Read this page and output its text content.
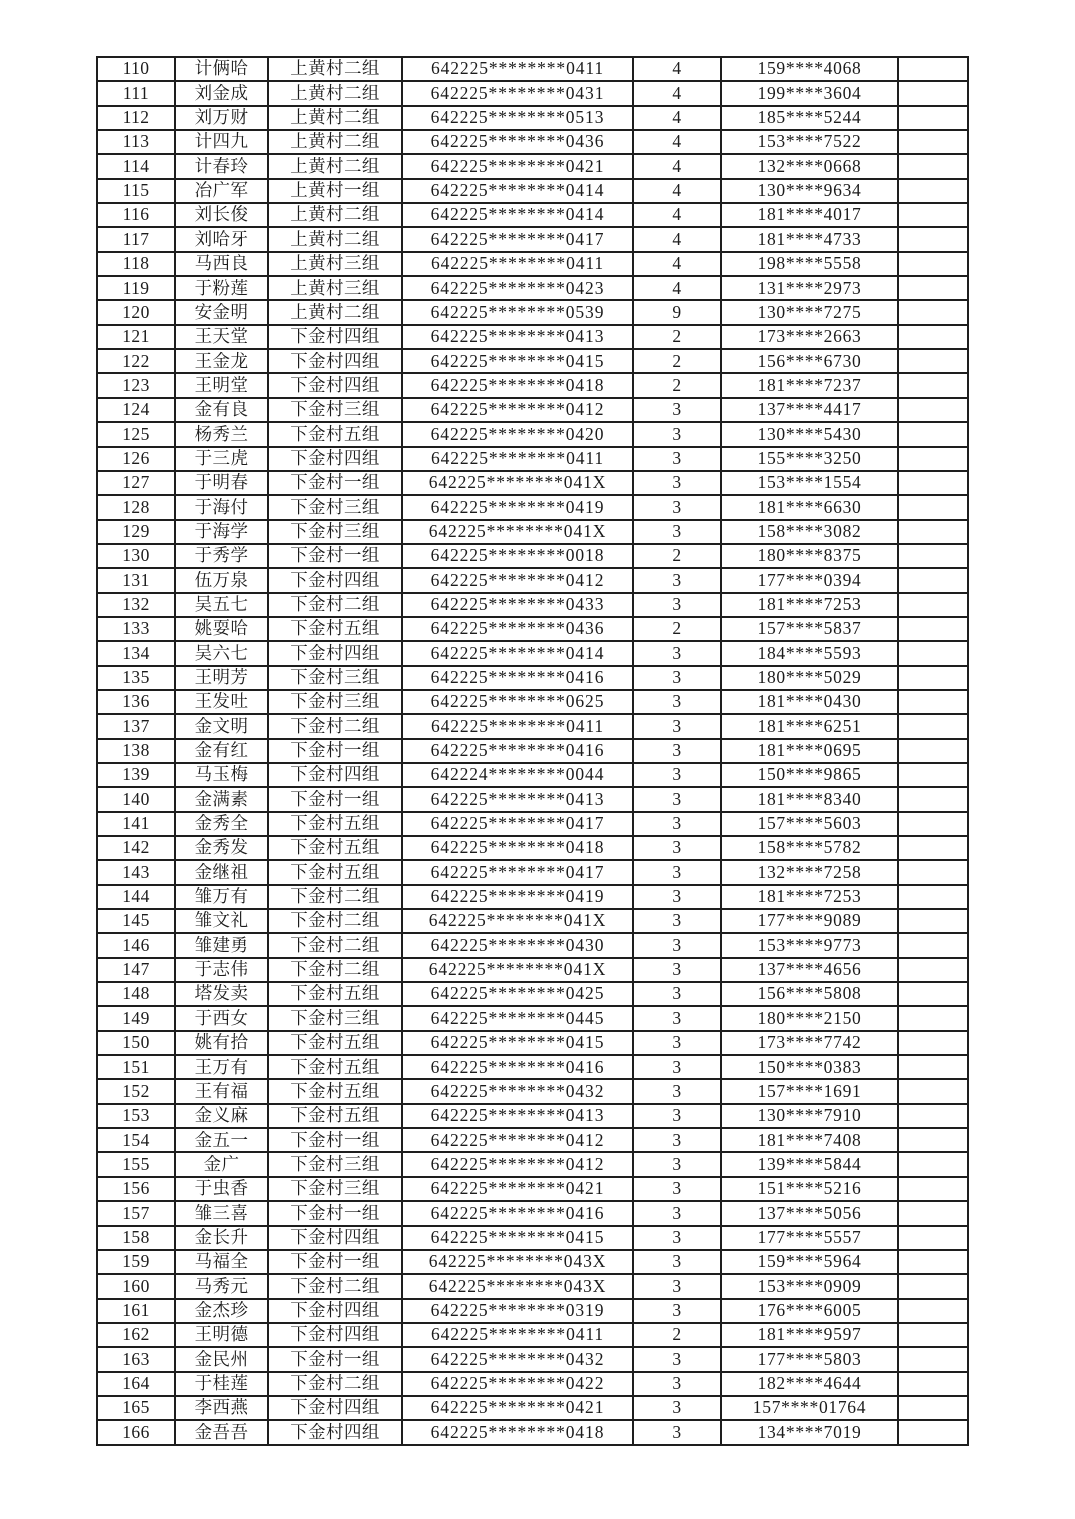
110	计俩哈	上黄村二组	642225********0411	4	159****4068	
111	刘金成	上黄村二组	642225********0431	4	199****3604	
112	刘万财	上黄村二组	642225********0513	4	185****5244	
113	计四九	上黄村二组	642225********0436	4	153****7522	
114	计春玲	上黄村二组	642225********0421	4	132****0668	
115	冶广军	上黄村一组	642225********0414	4	130****9634	
116	刘长俊	上黄村二组	642225********0414	4	181****4017	
117	刘哈牙	上黄村二组	642225********0417	4	181****4733	
118	马西良	上黄村三组	642225********0411	4	198****5558	
119	于粉莲	上黄村三组	642225********0423	4	131****2973	
120	安金明	上黄村二组	642225********0539	9	130****7275	
121	王天堂	下金村四组	642225********0413	2	173****2663	
122	王金龙	下金村四组	642225********0415	2	156****6730	
123	王明堂	下金村四组	642225********0418	2	181****7237	
124	金有良	下金村三组	642225********0412	3	137****4417	
125	杨秀兰	下金村五组	642225********0420	3	130****5430	
126	于三虎	下金村四组	642225********0411	3	155****3250	
127	于明春	下金村一组	642225********041X	3	153****1554	
128	于海付	下金村三组	642225********0419	3	181****6630	
129	于海学	下金村三组	642225********041X	3	158****3082	
130	于秀学	下金村一组	642225********0018	2	180****8375	
131	伍万泉	下金村四组	642225********0412	3	177****0394	
132	吴五七	下金村二组	642225********0433	3	181****7253	
133	姚耍哈	下金村五组	642225********0436	2	157****5837	
134	吴六七	下金村四组	642225********0414	3	184****5593	
135	王明芳	下金村三组	642225********0416	3	180****5029	
136	王发吐	下金村三组	642225********0625	3	181****0430	
137	金文明	下金村二组	642225********0411	3	181****6251	
138	金有红	下金村一组	642225********0416	3	181****0695	
139	马玉梅	下金村四组	642224********0044	3	150****9865	
140	金满素	下金村一组	642225********0413	3	181****8340	
141	金秀全	下金村五组	642225********0417	3	157****5603	
142	金秀发	下金村五组	642225********0418	3	158****5782	
143	金继祖	下金村五组	642225********0417	3	132****7258	
144	雏万有	下金村二组	642225********0419	3	181****7253	
145	雏文礼	下金村二组	642225********041X	3	177****9089	
146	雏建勇	下金村二组	642225********0430	3	153****9773	
147	于志伟	下金村二组	642225********041X	3	137****4656	
148	塔发卖	下金村五组	642225********0425	3	156****5808	
149	于西女	下金村三组	642225********0445	3	180****2150	
150	姚有拾	下金村五组	642225********0415	3	173****7742	
151	王万有	下金村五组	642225********0416	3	150****0383	
152	王有福	下金村五组	642225********0432	3	157****1691	
153	金义麻	下金村五组	642225********0413	3	130****7910	
154	金五一	下金村一组	642225********0412	3	181****7408	
155	金广	下金村三组	642225********0412	3	139****5844	
156	于虫香	下金村三组	642225********0421	3	151****5216	
157	雏三喜	下金村一组	642225********0416	3	137****5056	
158	金长升	下金村四组	642225********0415	3	177****5557	
159	马福全	下金村一组	642225********043X	3	159****5964	
160	马秀元	下金村二组	642225********043X	3	153****0909	
161	金杰珍	下金村四组	642225********0319	3	176****6005	
162	王明德	下金村四组	642225********0411	2	181****9597	
163	金民州	下金村一组	642225********0432	3	177****5803	
164	于桂莲	下金村二组	642225********0422	3	182****4644	
165	李西燕	下金村四组	642225********0421	3	157****01764	
166	金吾吾	下金村四组	642225********0418	3	134****7019	
